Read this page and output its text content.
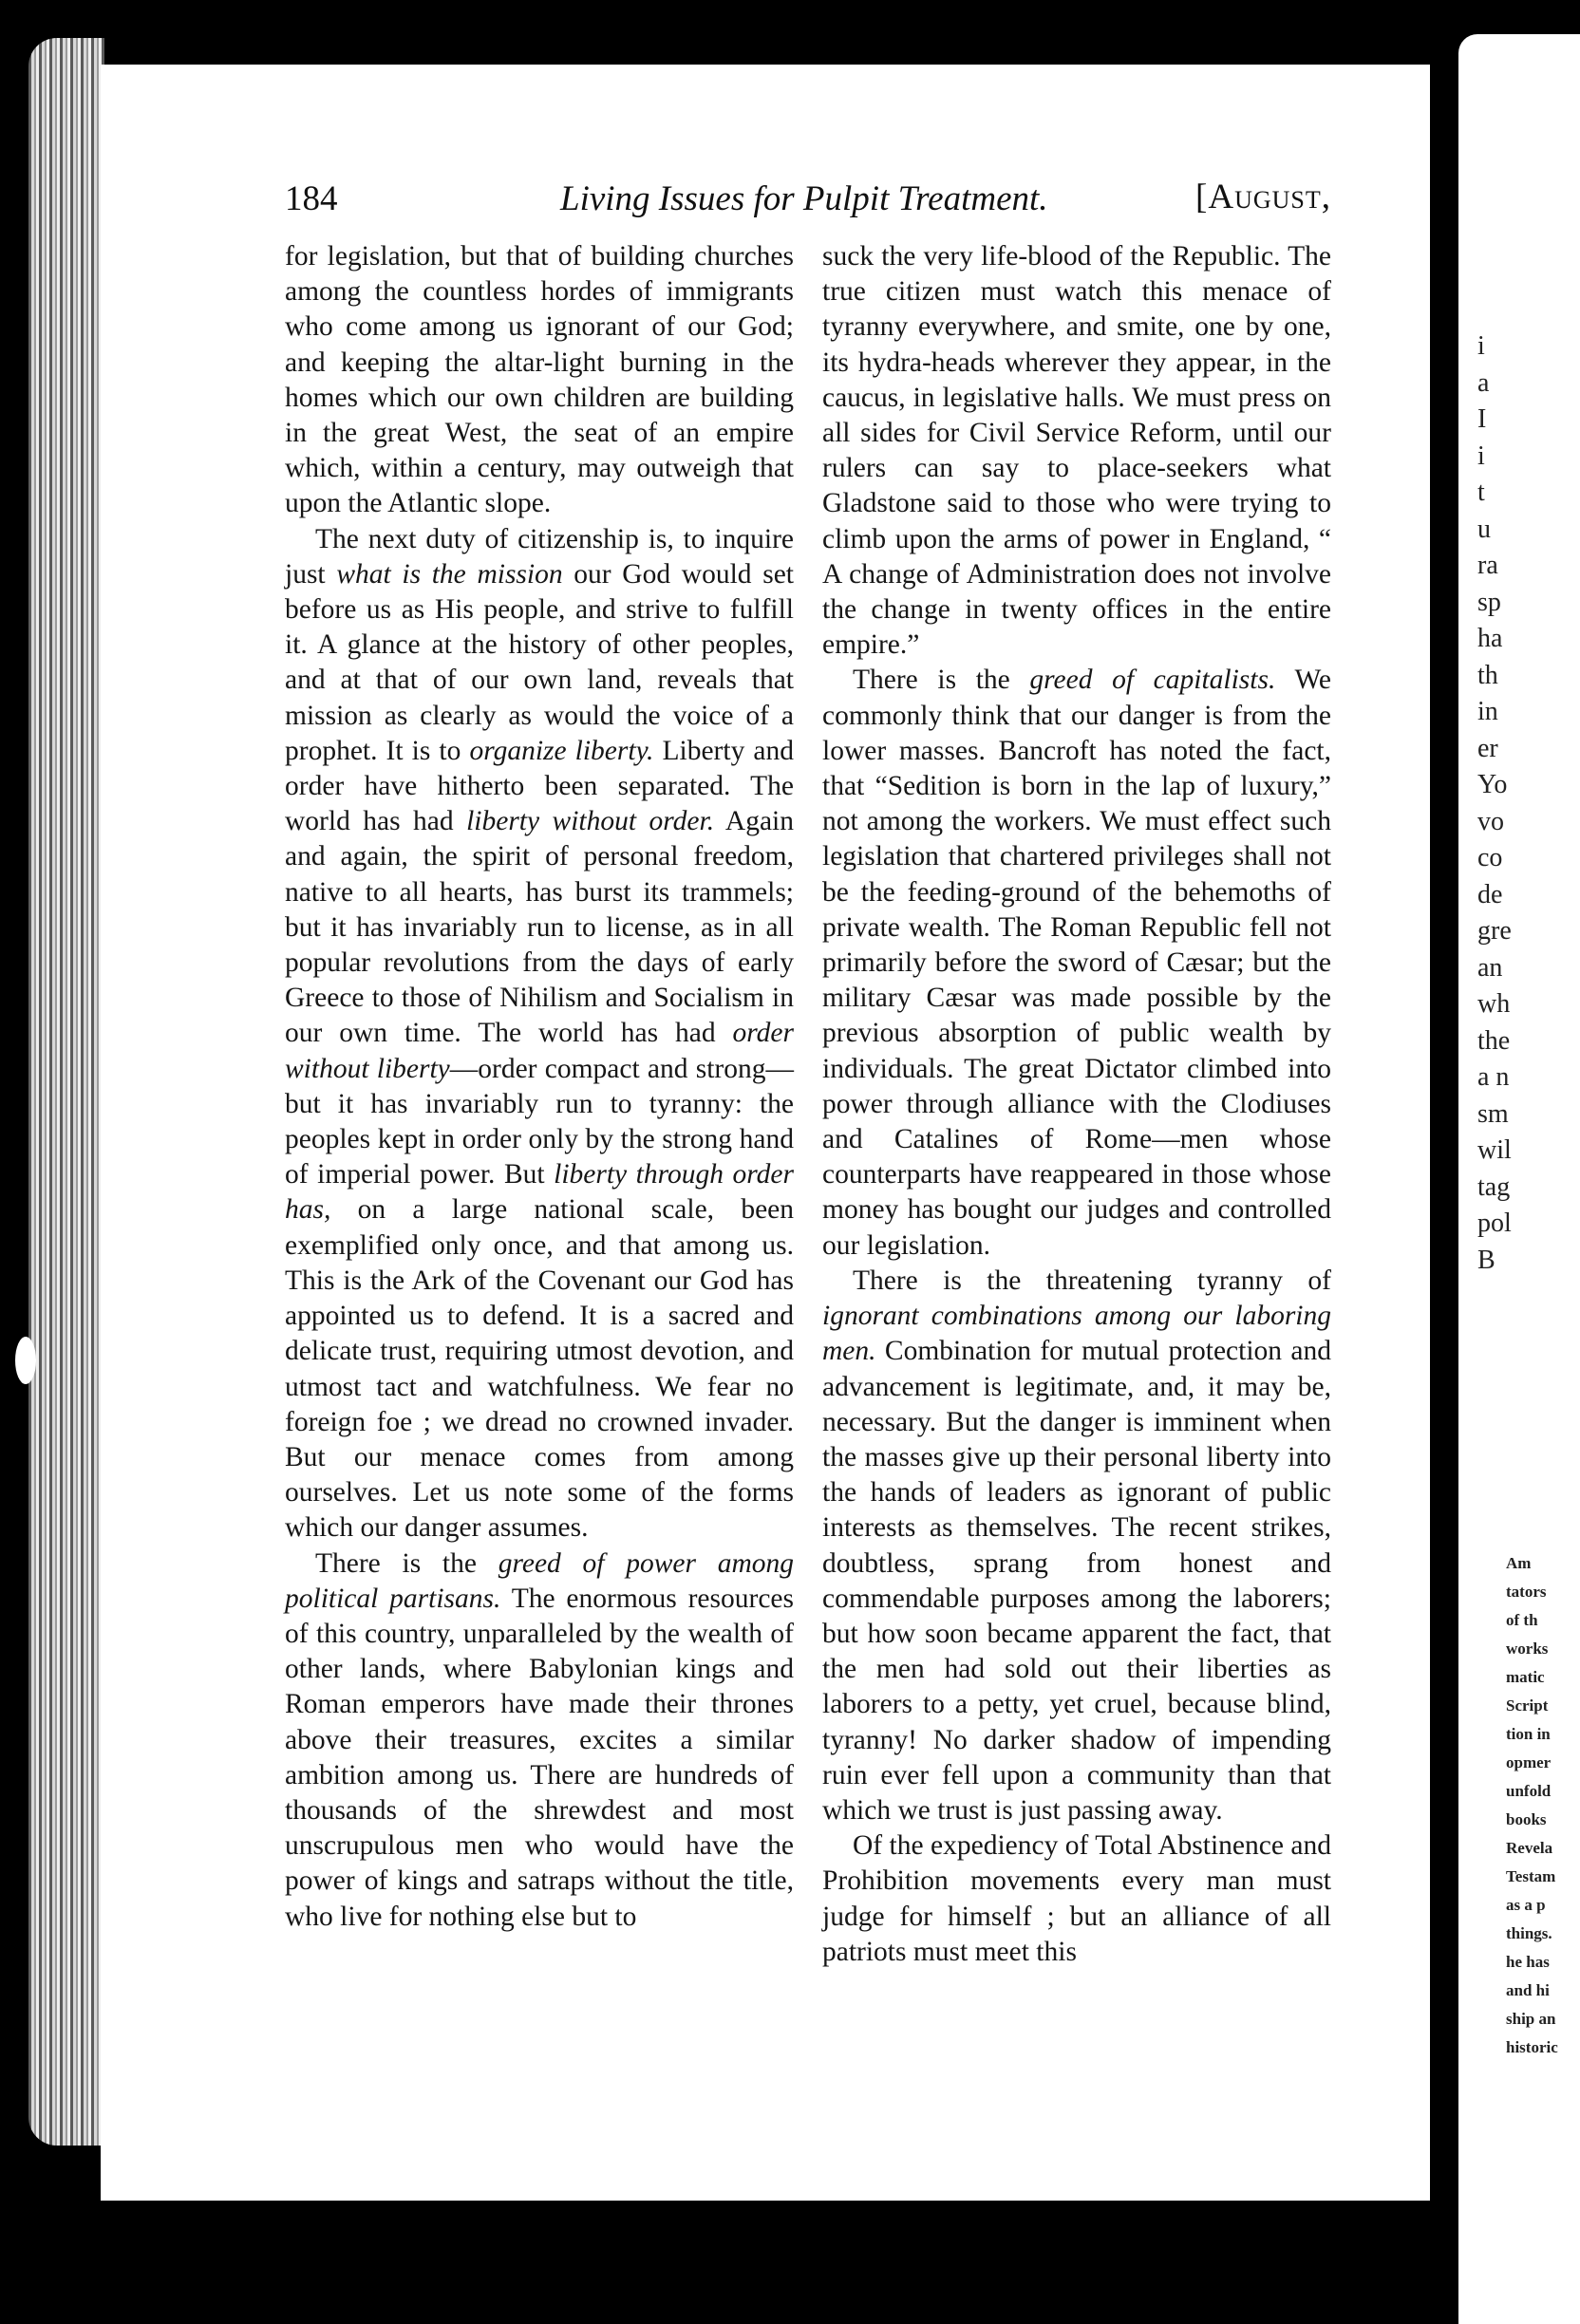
i
a
I
i
t
u
ra
sp
ha
th
in
er
Yo
vo
co
de
gre
an
wh
the
a n
sm
wil
tag
pol
B
Am
tators
of th
works
matic
Script
tion in
opmer
unfold
books
Revela
Testam
as a p
things.
he has
and hi
ship an
historic
184	Living Issues for Pulpit Treatment.	[August,

for legislation, but that of building churches among the countless hordes of immigrants who come among us ignorant of our God; and keeping the altar-light burning in the homes which our own children are building in the great West, the seat of an empire which, within a century, may outweigh that upon the Atlantic slope.

The next duty of citizenship is, to inquire just what is the mission our God would set before us as His people, and strive to fulfill it. A glance at the history of other peoples, and at that of our own land, reveals that mission as clearly as would the voice of a prophet. It is to organize liberty. Liberty and order have hitherto been separated. The world has had liberty without order. Again and again, the spirit of personal freedom, native to all hearts, has burst its trammels; but it has invariably run to license, as in all popular revolutions from the days of early Greece to those of Nihilism and Socialism in our own time. The world has had order without liberty—order compact and strong—but it has invariably run to tyranny: the peoples kept in order only by the strong hand of imperial power. But liberty through order has, on a large national scale, been exemplified only once, and that among us. This is the Ark of the Covenant our God has appointed us to defend. It is a sacred and delicate trust, requiring utmost devotion, and utmost tact and watchfulness. We fear no foreign foe ; we dread no crowned invader. But our menace comes from among ourselves. Let us note some of the forms which our danger assumes.

There is the greed of power among political partisans. The enormous resources of this country, unparalleled by the wealth of other lands, where Babylonian kings and Roman emperors have made their thrones above their treasures, excites a similar ambition among us. There are hundreds of thousands of the shrewdest and most unscrupulous men who would have the power of kings and satraps without the title, who live for nothing else but to

suck the very life-blood of the Republic. The true citizen must watch this menace of tyranny everywhere, and smite, one by one, its hydra-heads wherever they appear, in the caucus, in legislative halls. We must press on all sides for Civil Service Reform, until our rulers can say to place-seekers what Gladstone said to those who were trying to climb upon the arms of power in England, “ A change of Administration does not involve the change in twenty offices in the entire empire.”

There is the greed of capitalists. We commonly think that our danger is from the lower masses. Bancroft has noted the fact, that “Sedition is born in the lap of luxury,” not among the workers. We must effect such legislation that chartered privileges shall not be the feeding-ground of the behemoths of private wealth. The Roman Republic fell not primarily before the sword of Cæsar; but the military Cæsar was made possible by the previous absorption of public wealth by individuals. The great Dictator climbed into power through alliance with the Clodiuses and Catalines of Rome—men whose counterparts have reappeared in those whose money has bought our judges and controlled our legislation.

There is the threatening tyranny of ignorant combinations among our laboring men. Combination for mutual protection and advancement is legitimate, and, it may be, necessary. But the danger is imminent when the masses give up their personal liberty into the hands of leaders as ignorant of public interests as themselves. The recent strikes, doubtless, sprang from honest and commendable purposes among the laborers; but how soon became apparent the fact, that the men had sold out their liberties as laborers to a petty, yet cruel, because blind, tyranny! No darker shadow of impending ruin ever fell upon a community than that which we trust is just passing away.

Of the expediency of Total Abstinence and Prohibition movements every man must judge for himself ; but an alliance of all patriots must meet this
